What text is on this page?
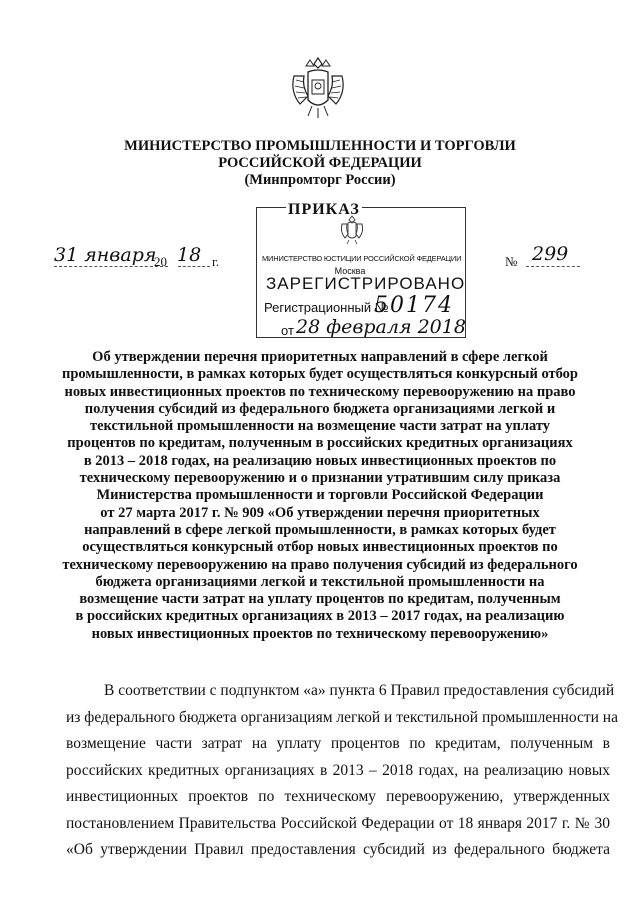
МИНИСТЕРСТВО ПРОМЫШЛЕННОСТИ И ТОРГОВЛИ
РОССИЙСКОЙ ФЕДЕРАЦИИ
(Минпромторг России)
ПРИКАЗ
МИНИСТЕРСТВО ЮСТИЦИИ РОССИЙСКОЙ ФЕДЕРАЦИИ
Москва
ЗАРЕГИСТРИРОВАНО
Регистрационный №
50174
от 28 февраля 2018
31 января
20 18 г.	№ 299
Об утверждении перечня приоритетных направлений в сфере легкой
промышленности, в рамках которых будет осуществляться конкурсный отбор
новых инвестиционных проектов по техническому перевооружению на право
получения субсидий из федерального бюджета организациями легкой и
текстильной промышленности на возмещение части затрат на уплату
процентов по кредитам, полученным в российских кредитных организациях
в 2013 – 2018 годах, на реализацию новых инвестиционных проектов по
техническому перевооружению и о признании утратившим силу приказа
Министерства промышленности и торговли Российской Федерации
от 27 марта 2017 г. № 909 «Об утверждении перечня приоритетных
направлений в сфере легкой промышленности, в рамках которых будет
осуществляться конкурсный отбор новых инвестиционных проектов по
техническому перевооружению на право получения субсидий из федерального
бюджета организациями легкой и текстильной промышленности на
возмещение части затрат на уплату процентов по кредитам, полученным
в российских кредитных организациях в 2013 – 2017 годах, на реализацию
новых инвестиционных проектов по техническому перевооружению»
В соответствии с подпунктом «а» пункта 6 Правил предоставления субсидий
из федерального бюджета организациям легкой и текстильной промышленности на
возмещение части затрат на уплату процентов по кредитам, полученным в
российских кредитных организациях в 2013 – 2018 годах, на реализацию новых
инвестиционных проектов по техническому перевооружению, утвержденных
постановлением Правительства Российской Федерации от 18 января 2017 г. № 30
«Об утверждении Правил предоставления субсидий из федерального бюджета
